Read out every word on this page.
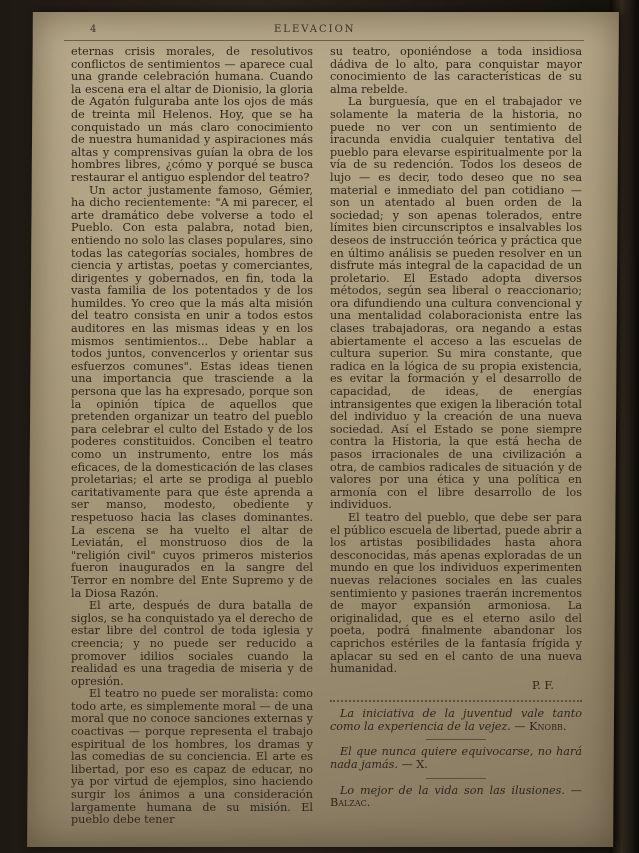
4	ELEVACION

eternas crisis morales, de resolutivos conflictos de sentimientos — aparece cual una grande celebración humana. Cuando la escena era el altar de Dionisio, la gloria de Agatón fulguraba ante los ojos de más de treinta mil Helenos. Hoy, que se ha conquistado un más claro conocimiento de nuestra humanidad y aspiraciones más altas y comprensivas guían la obra de los hombres libres, ¿cómo y porqué se busca restaurar el antiguo esplendor del teatro?

Un actor justamente famoso, Gémier, ha dicho recientemente: "A mi parecer, el arte dramático debe volverse a todo el Pueblo. Con esta palabra, notad bien, entiendo no solo las clases populares, sino todas las categorías sociales, hombres de ciencia y artistas, poetas y comerciantes, dirigentes y gobernados, en fin, toda la vasta familia de los potentados y de los humildes. Yo creo que la más alta misión del teatro consista en unir a todos estos auditores en las mismas ideas y en los mismos sentimientos... Debe hablar a todos juntos, convencerlos y orientar sus esfuerzos comunes". Estas ideas tienen una importancia que trasciende a la persona que las ha expresado, porque son la opinión típica de aquellos que pretenden organizar un teatro del pueblo para celebrar el culto del Estado y de los poderes constituidos. Conciben el teatro como un instrumento, entre los más eficaces, de la domesticación de las clases proletarias; el arte se prodiga al pueblo caritativamente para que éste aprenda a ser manso, modesto, obediente y respetuoso hacia las clases dominantes. La escena se ha vuelto el altar de Leviatán, el monstruoso dios de la "religión civil" cuyos primeros misterios fueron inaugurados en la sangre del Terror en nombre del Ente Supremo y de la Diosa Razón.

El arte, después de dura batalla de siglos, se ha conquistado ya el derecho de estar libre del control de toda iglesia y creencia; y no puede ser reducido a promover idilios sociales cuando la realidad es una tragedia de miseria y de opresión.

El teatro no puede ser moralista: como todo arte, es simplemente moral — de una moral que no conoce sanciones externas y coactivas — porque representa el trabajo espiritual de los hombres, los dramas y las comedias de su conciencia. El arte es libertad, por eso es capaz de educar, no ya por virtud de ejemplos, sino haciendo surgir los ánimos a una consideración largamente humana de su misión. El pueblo debe tener

su teatro, oponiéndose a toda insidiosa dádiva de lo alto, para conquistar mayor conocimiento de las características de su alma rebelde.

La burguesía, que en el trabajador ve solamente la materia de la historia, no puede no ver con un sentimiento de iracunda envidia cualquier tentativa del pueblo para elevarse espiritualmente por la vía de su redención. Todos los deseos de lujo — es decir, todo deseo que no sea material e inmediato del pan cotidiano — son un atentado al buen orden de la sociedad; y son apenas tolerados, entre límites bien circunscriptos e insalvables los deseos de instrucción teórica y práctica que en último análisis se pueden resolver en un disfrute más integral de la capacidad de un proletario. El Estado adopta diversos métodos, según sea liberal o reaccionario; ora difundiendo una cultura convencional y una mentalidad colaboracionista entre las clases trabajadoras, ora negando a estas abiertamente el acceso a las escuelas de cultura superior. Su mira constante, que radica en la lógica de su propia existencia, es evitar la formación y el desarrollo de capacidad, de ideas, de energías intransigentes que exigen la liberación total del individuo y la creación de una nueva sociedad. Así el Estado se pone siempre contra la Historia, la que está hecha de pasos irracionales de una civilización a otra, de cambios radicales de situación y de valores por una ética y una política en armonía con el libre desarrollo de los individuos.

El teatro del pueblo, que debe ser para el público escuela de libertad, puede abrir a los artistas posibilidades hasta ahora desconocidas, más apenas exploradas de un mundo en que los individuos experimenten nuevas relaciones sociales en las cuales sentimiento y pasiones traerán incrementos de mayor expansión armoniosa. La originalidad, que es el eterno asilo del poeta, podrá finalmente abandonar los caprichos estériles de la fantasía frígida y aplacar su sed en el canto de una nueva humanidad.

P. F.

La iniciativa de la juventud vale tanto como la experiencia de la vejez. — Knobb.

El que nunca quiere equivocarse, no hará nada jamás. — X.

Lo mejor de la vida son las ilusiones. — Balzac.
